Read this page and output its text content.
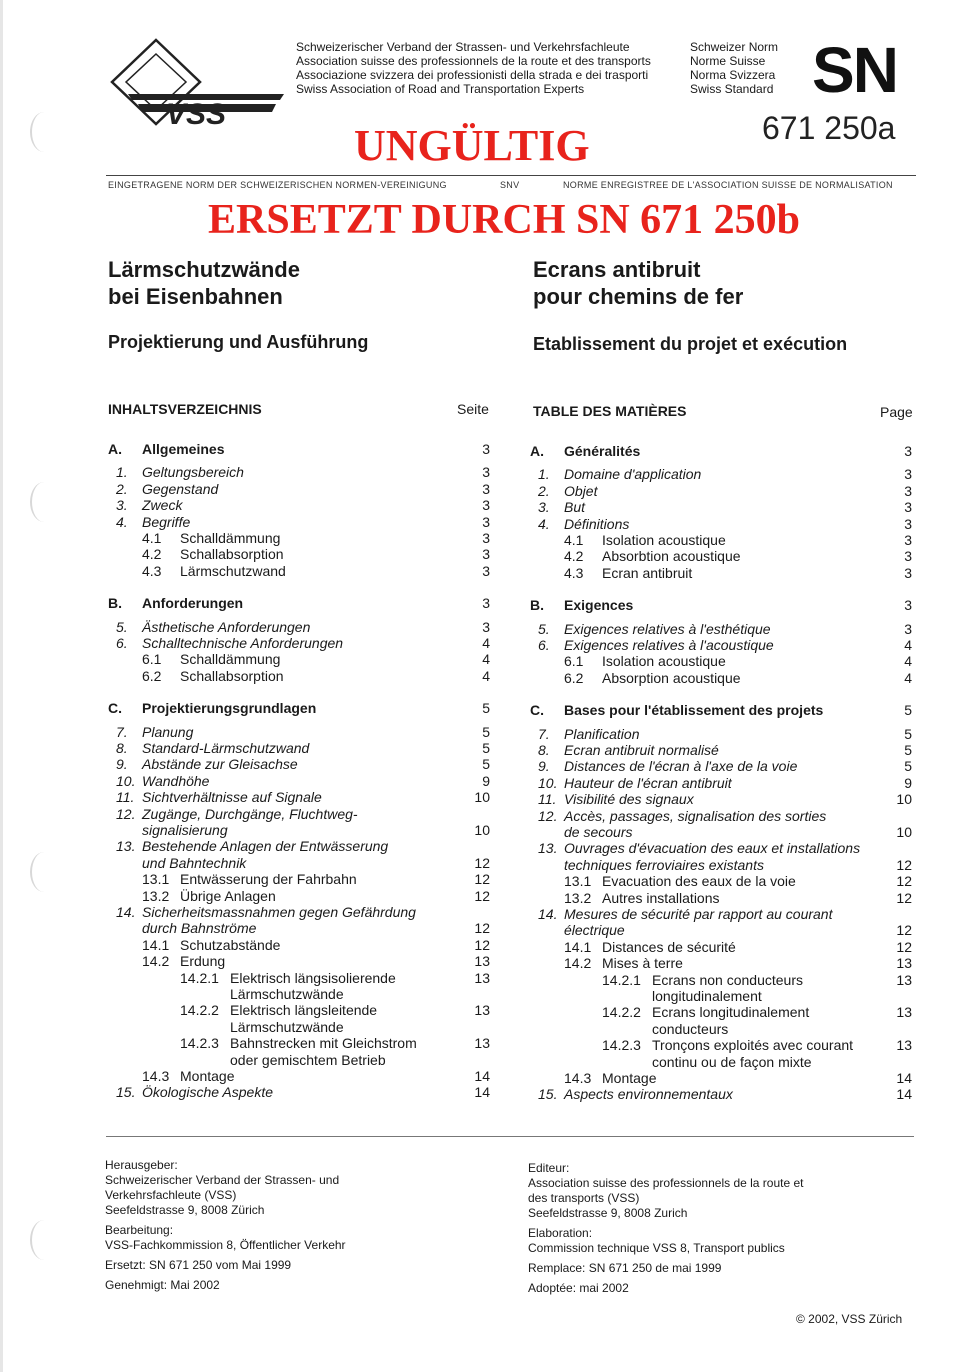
VSS
Schweizerischer Verband der Strassen- und Verkehrsfachleute
Association suisse des professionnels de la route et des transports
Associazione svizzera dei professionisti della strada e dei trasporti
Swiss Association of Road and Transportation Experts
Schweizer Norm
Norme Suisse
Norma Svizzera
Swiss Standard SN
671 250a
UNGÜLTIG
EINGETRAGENE NORM DER SCHWEIZERISCHEN NORMEN-VEREINIGUNG	SNV	NORME ENREGISTREE DE L'ASSOCIATION SUISSE DE NORMALISATION
ERSETZT DURCH SN 671 250b
Lärmschutzwände
bei Eisenbahnen
Projektierung und Ausführung
Ecrans antibruit
pour chemins de fer
Etablissement du projet et exécution
INHALTSVERZEICHNIS	Seite	TABLE DES MATIÈRES	Page
A. Allgemeines	3
1. Geltungsbereich	3
2. Gegenstand	3
3. Zweck	3
4. Begriffe	3
4.1 Schalldämmung	3
4.2 Schallabsorption	3
4.3 Lärmschutzwand	3
B. Anforderungen	3
5. Ästhetische Anforderungen	3
6. Schalltechnische Anforderungen	4
6.1 Schalldämmung	4
6.2 Schallabsorption	4
C. Projektierungsgrundlagen	5
7. Planung	5
8. Standard-Lärmschutzwand	5
9. Abstände zur Gleisachse	5
10. Wandhöhe	9
11. Sichtverhältnisse auf Signale	10
12. Zugänge, Durchgänge, Fluchtweg-
signalisierung	10
13. Bestehende Anlagen der Entwässerung
und Bahntechnik	12
13.1 Entwässerung der Fahrbahn	12
13.2 Übrige Anlagen	12
14. Sicherheitsmassnahmen gegen Gefährdung
durch Bahnströme	12
14.1 Schutzabstände	12
14.2 Erdung	13
14.2.1 Elektrisch längsisolierende	13
Lärmschutzwände
14.2.2 Elektrisch längsleitende	13
Lärmschutzwände
14.2.3 Bahnstrecken mit Gleichstrom	13
oder gemischtem Betrieb
14.3 Montage	14
15. Ökologische Aspekte	14
A. Généralités	3
1. Domaine d'application	3
2. Objet	3
3. But	3
4. Définitions	3
4.1 Isolation acoustique	3
4.2 Absorbtion acoustique	3
4.3 Ecran antibruit	3
B. Exigences	3
5. Exigences relatives à l'esthétique	3
6. Exigences relatives à l'acoustique	4
6.1 Isolation acoustique	4
6.2 Absorption acoustique	4
C. Bases pour l'établissement des projets	5
7. Planification	5
8. Ecran antibruit normalisé	5
9. Distances de l'écran à l'axe de la voie	5
10. Hauteur de l'écran antibruit	9
11. Visibilité des signaux	10
12. Accès, passages, signalisation des sorties
de secours	10
13. Ouvrages d'évacuation des eaux et installations
techniques ferroviaires existants	12
13.1 Evacuation des eaux de la voie	12
13.2 Autres installations	12
14. Mesures de sécurité par rapport au courant
électrique	12
14.1 Distances de sécurité	12
14.2 Mises à terre	13
14.2.1 Ecrans non conducteurs	13
longitudinalement
14.2.2 Ecrans longitudinalement	13
conducteurs
14.2.3 Tronçons exploités avec courant	13
continu ou de façon mixte
14.3 Montage	14
15. Aspects environnementaux	14
Herausgeber:
Schweizerischer Verband der Strassen- und
Verkehrsfachleute (VSS)
Seefeldstrasse 9, 8008 Zürich
Bearbeitung:
VSS-Fachkommission 8, Öffentlicher Verkehr
Ersetzt: SN 671 250 vom Mai 1999
Genehmigt: Mai 2002
Editeur:
Association suisse des professionnels de la route et
des transports (VSS)
Seefeldstrasse 9, 8008 Zurich
Elaboration:
Commission technique VSS 8, Transport publics
Remplace: SN 671 250 de mai 1999
Adoptée: mai 2002
© 2002, VSS Zürich
